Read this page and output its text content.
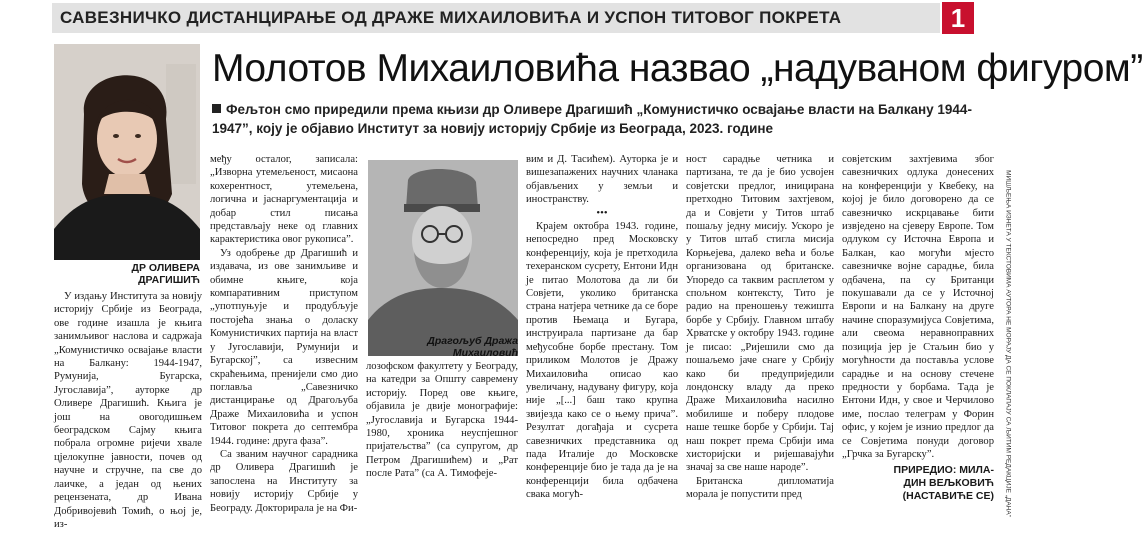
САВЕЗНИЧКО ДИСТАНЦИРАЊЕ ОД ДРАЖЕ МИХАИЛОВИЋА И УСПОН ТИТОВОГ ПОКРЕТА	1
ДР ОЛИВЕРА
ДРАГИШИЋ
Молотов Михаиловића назвао „надуваном фигуром”
Фељтон смо приредили према књизи др Оливере Драгишић „Комунистичко освајање власти на Балкану 1944-1947”, коју је објавио Институт за новију историју Србије из Београда, 2023. године

У издању Института за новију историју Србије из Београда, ове године изашла је књига занимљивог наслова и садржаја „Комунистичко освајање власти на Балкану: 1944-1947, Румунија, Бугарска, Југославија”, ауторке др Оливере Драгишић. Књига је још на овогодишњем београдском Сајму књига побрала огромне ријечи хвале цјелокупне јавности, почев од научне и стручне, па све до лаичке, а један од њених рецензената, др Ивана Добривојевић Томић, о њој је, из-

међу осталог, записала: „Изворна утемељеност, мисаона кохерентност, утемељена, логична и јаснаргументација и добар стил писања представљају неке од главних карактеристика овог рукописа”.

Уз одобрење др Драгишић и издавача, из ове занимљиве и обимне књиге, која компаративним приступом „употпуњује и продубљује постојећа знања о доласку Комунистичких партија на власт у Југославији, Румунији и Бугарској”, са извесним скраћењима, пренијели смо дио поглавља „Савезничко дистанцирање од Драгољуба Драже Михаиловића и успон Титовог покрета до септембра 1944. године: друга фаза”.

Са званим научног сарадника др Оливера Драгишић је запослена на Институту за новију историју Србије у Београду. Докторирала је на Фи-

ФОТО: МУЗЕЈ ЈУГОСЛАВИЈЕ / ЈАВНО ВЛАСНИШТВО
Драгољуб Дража
Михаиловић

лозофском факултету у Београду, на катедри за Општу савремену историју. Поред ове књиге, објавила је двије монографије: „Југославија и Бугарска 1944-1980, хроника неуспјешног пријатељства” (са супругом, др Петром Драгишићем) и „Рат после Рата” (са А. Тимофеје-

вим и Д. Тасићем). Ауторка је и вишезапажених научних чланака објављених у земљи и иностранству.

•••

Крајем октобра 1943. године, непосредно пред Московску конференцију, која је претходила техеранском сусрету, Ентони Идн је питао Молотова да ли би Совјети, уколико британска страна натјера четнике да се боре против Њемаца и Бугара, инструирала партизане да бар међусобне борбе престану. Том приликом Молотов је Дражу Михаиловића описао као увеличану, надувану фигуру, која није „[...] баш тако крупна звијезда како се о њему прича”. Резултат догађаја и сусрета савезничких представника од пада Италије до Московске конференције био је тада да је на конференцији била одбачена свака могућ-

ност сарадње четника и партизана, те да је био усвојен совјетски предлог, иницирана претходно Титовим захтјевом, да и Совјети у Титов штаб пошаљу једну мисију. Ускоро је у Титов штаб стигла мисија Корњејева, далеко већа и боље организована од британске. Упоредо са таквим расплетом у спољном контексту, Тито је радио на преношењу тежишта борбе у Србију. Главном штабу Хрватске у октобру 1943. године је писао: „Ријешили смо да пошаљемо јаче снаге у Србију како би предуприједили лондонску владу да преко Драже Михаиловића насилно мобилише и поберу плодове наше тешке борбе у Србији. Тај наш покрет према Србији има хисторијски и ријешавајући значај за све наше народе”.

Британска дипломатија морала је попустити пред

совјетским захтјевима због савезничких одлука донесених на конференцији у Квебеку, на којој је било договорено да се савезничко искрцавање бити извједено на сјеверу Европе. Том одлуком су Источна Европа и Балкан, као могући мјесто савезничке војне сарадње, била одбачена, па су Британци покушавали да се у Источној Европи и на Балкану на друге начине споразумијуса Совјетима, али свеома неравноправних позиција јер је Стаљин био у могућности да поставља услове сарадње и на основу стечене предности у борбама. Тада је Ентони Идн, у свое и Черчилово име, послао телеграм у Форин офис, у којем је изнио предлог да се Совјетима понуди договор „Грчка за Бугарску”.

ПРИРЕДИО: МИЛА-
ДИН ВЕЉКОВИЋ
(НАСТАВИЋЕ СЕ) МИШЉЕЊА ИЗНЕТА У ТЕКСТОВИМА АУТОРА НЕ МОРАЈУ ДА СЕ ПОКЛАПАЈУ СА ЉИТИМ РЕДАКЦИЈЕ „ДАНА”
